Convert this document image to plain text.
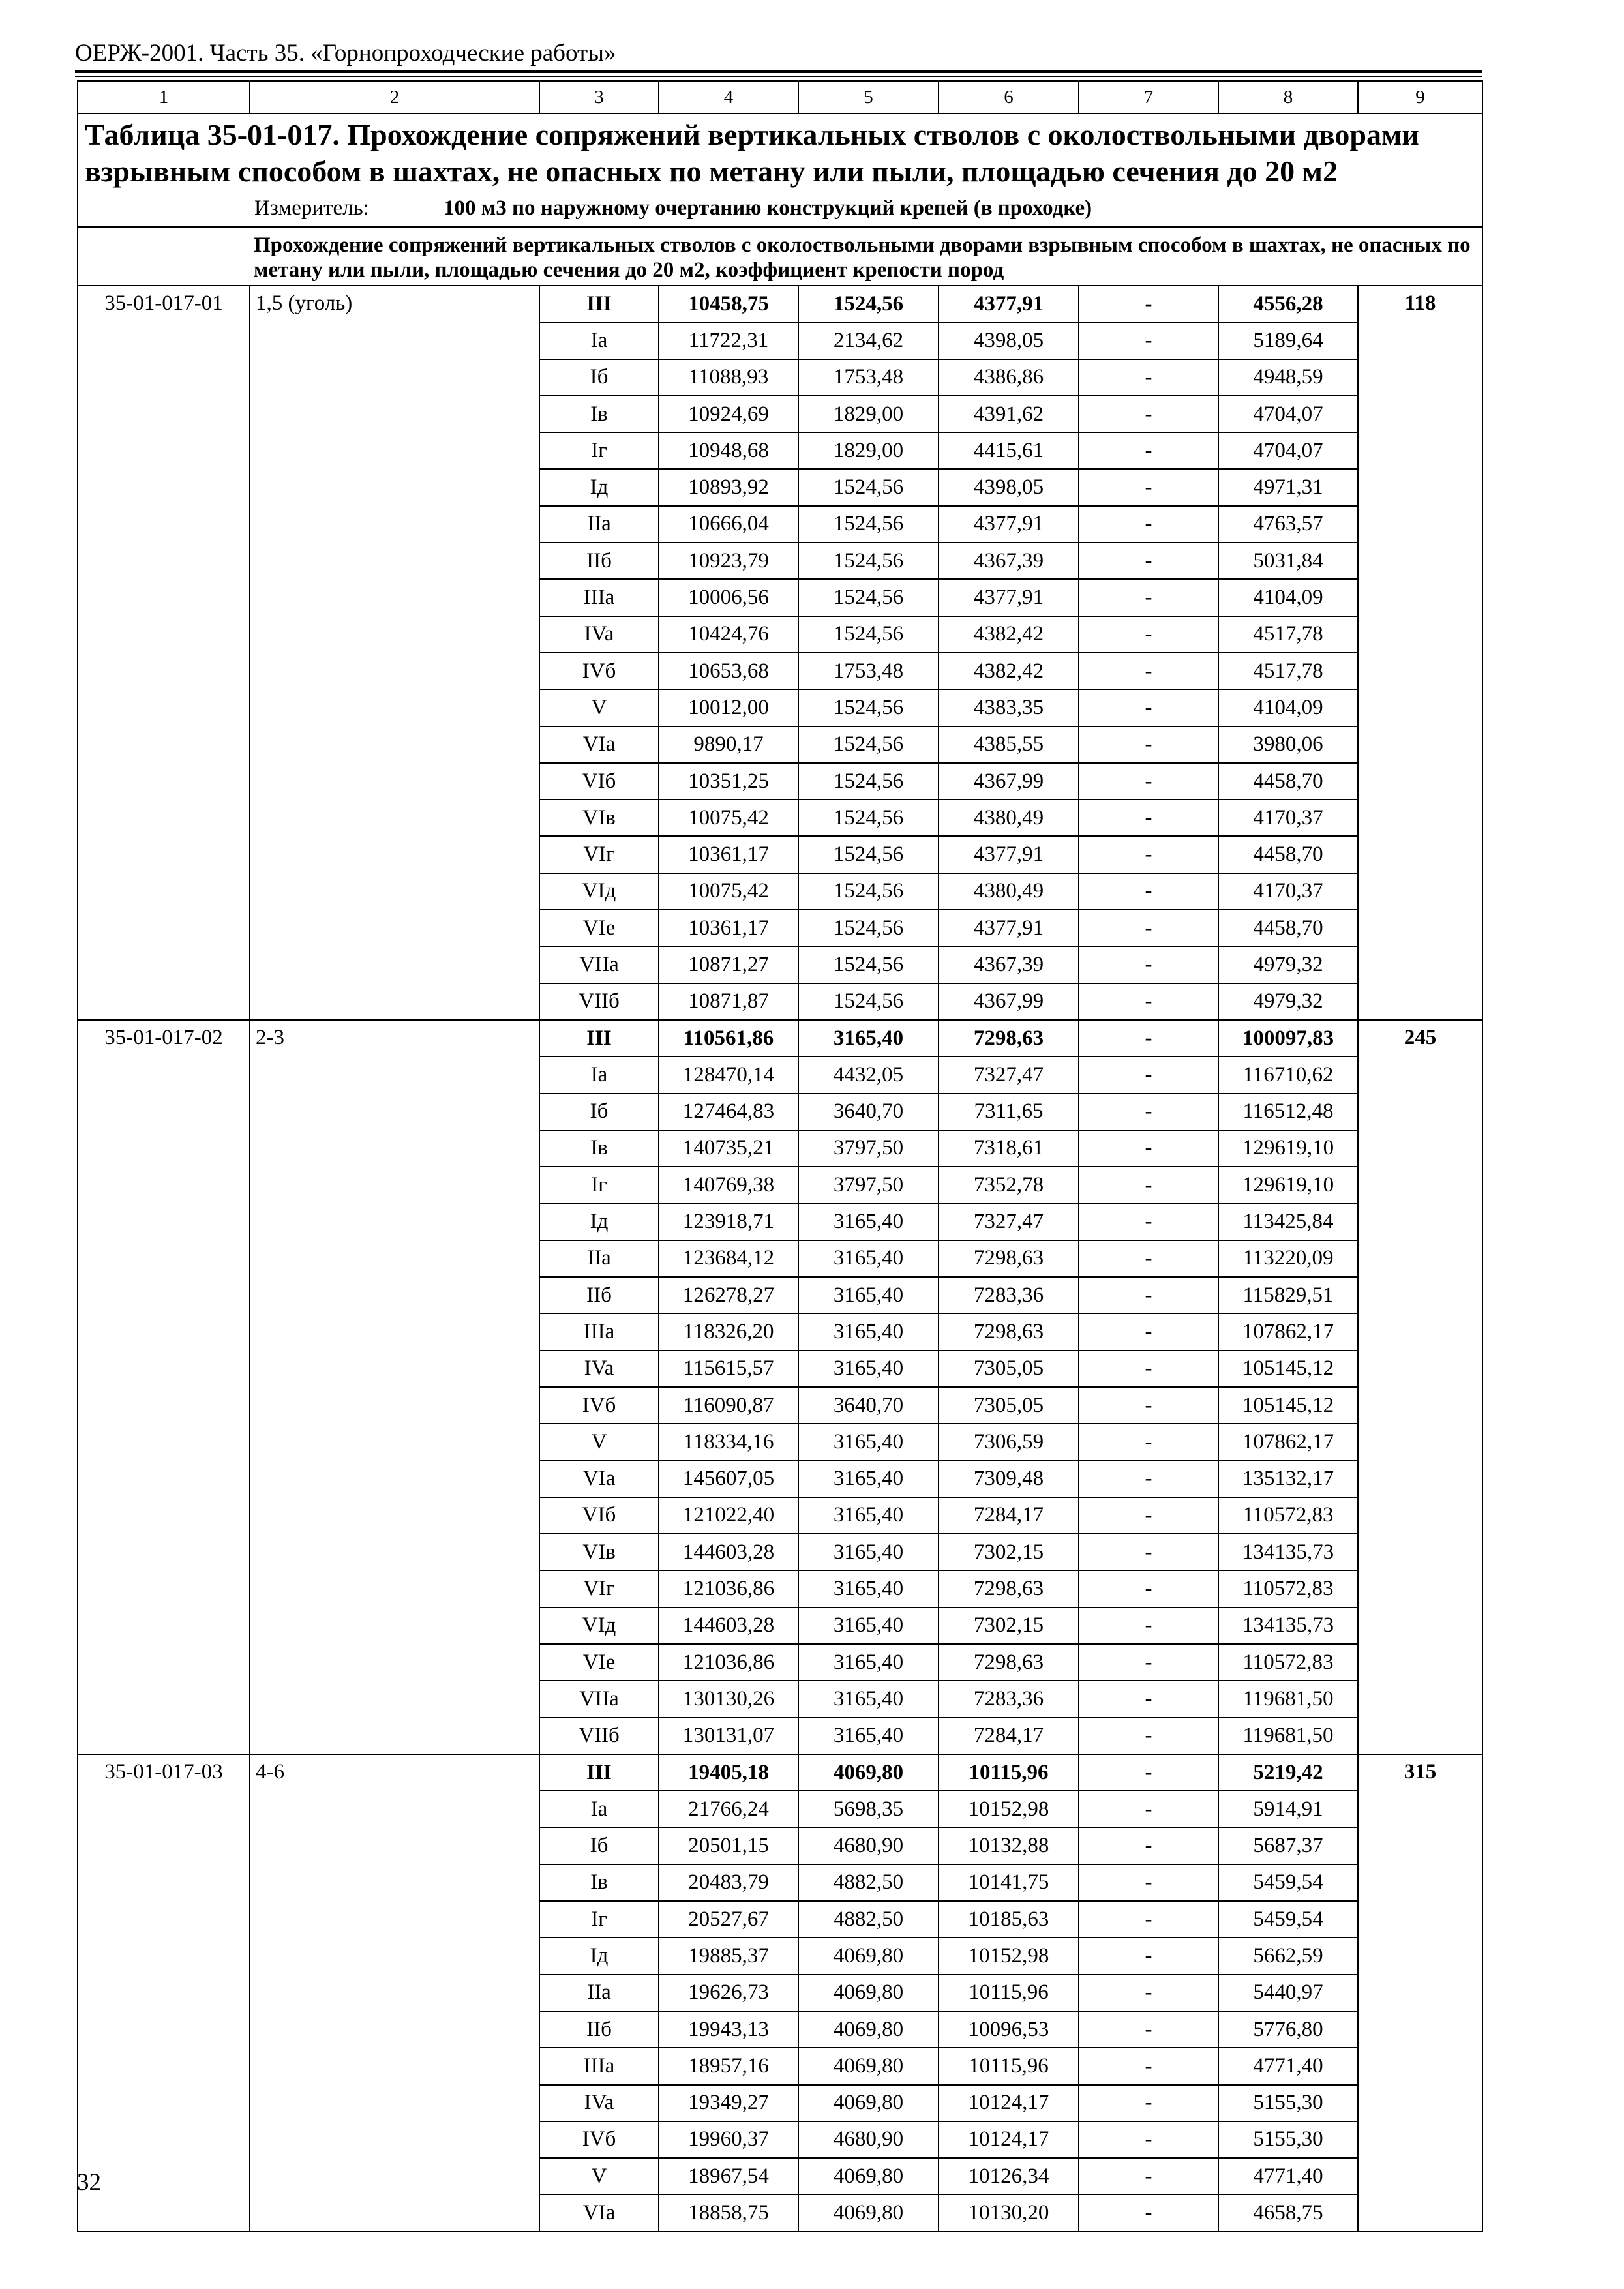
ОЕРЖ-2001. Часть 35. «Горнопроходческие работы»
1	2	3	4	5	6	7	8	9
Таблица 35-01-017. Прохождение сопряжений вертикальных стволов с околоствольными дворами взрывным способом в шахтах, не опасных по метану или пыли, площадью сечения до 20 м2								
Измеритель: 100 м3 по наружному очертанию конструкций крепей (в проходке)								
	Прохождение сопряжений вертикальных стволов с околоствольными дворами взрывным способом в шахтах, не опасных по метану или пыли, площадью сечения до 20 м2, коэффициент крепости пород							
35-01-017-01	1,5 (уголь)	III	10458,75	1524,56	4377,91	-	4556,28	118
		Ia	11722,31	2134,62	4398,05	-	5189,64	
		Iб	11088,93	1753,48	4386,86	-	4948,59	
		Iв	10924,69	1829,00	4391,62	-	4704,07	
		Iг	10948,68	1829,00	4415,61	-	4704,07	
		Iд	10893,92	1524,56	4398,05	-	4971,31	
		IIa	10666,04	1524,56	4377,91	-	4763,57	
		IIб	10923,79	1524,56	4367,39	-	5031,84	
		IIIa	10006,56	1524,56	4377,91	-	4104,09	
		IVa	10424,76	1524,56	4382,42	-	4517,78	
		IVб	10653,68	1753,48	4382,42	-	4517,78	
		V	10012,00	1524,56	4383,35	-	4104,09	
		VIa	9890,17	1524,56	4385,55	-	3980,06	
		VIб	10351,25	1524,56	4367,99	-	4458,70	
		VIв	10075,42	1524,56	4380,49	-	4170,37	
		VIг	10361,17	1524,56	4377,91	-	4458,70	
		VIд	10075,42	1524,56	4380,49	-	4170,37	
		VIe	10361,17	1524,56	4377,91	-	4458,70	
		VIIa	10871,27	1524,56	4367,39	-	4979,32	
		VIIб	10871,87	1524,56	4367,99	-	4979,32	
35-01-017-02	2-3	III	110561,86	3165,40	7298,63	-	100097,83	245
		Ia	128470,14	4432,05	7327,47	-	116710,62	
		Iб	127464,83	3640,70	7311,65	-	116512,48	
		Iв	140735,21	3797,50	7318,61	-	129619,10	
		Iг	140769,38	3797,50	7352,78	-	129619,10	
		Iд	123918,71	3165,40	7327,47	-	113425,84	
		IIa	123684,12	3165,40	7298,63	-	113220,09	
		IIб	126278,27	3165,40	7283,36	-	115829,51	
		IIIa	118326,20	3165,40	7298,63	-	107862,17	
		IVa	115615,57	3165,40	7305,05	-	105145,12	
		IVб	116090,87	3640,70	7305,05	-	105145,12	
		V	118334,16	3165,40	7306,59	-	107862,17	
		VIa	145607,05	3165,40	7309,48	-	135132,17	
		VIб	121022,40	3165,40	7284,17	-	110572,83	
		VIв	144603,28	3165,40	7302,15	-	134135,73	
		VIг	121036,86	3165,40	7298,63	-	110572,83	
		VIд	144603,28	3165,40	7302,15	-	134135,73	
		VIe	121036,86	3165,40	7298,63	-	110572,83	
		VIIa	130130,26	3165,40	7283,36	-	119681,50	
		VIIб	130131,07	3165,40	7284,17	-	119681,50	
35-01-017-03	4-6	III	19405,18	4069,80	10115,96	-	5219,42	315
		Ia	21766,24	5698,35	10152,98	-	5914,91	
		Iб	20501,15	4680,90	10132,88	-	5687,37	
		Iв	20483,79	4882,50	10141,75	-	5459,54	
		Iг	20527,67	4882,50	10185,63	-	5459,54	
		Iд	19885,37	4069,80	10152,98	-	5662,59	
		IIa	19626,73	4069,80	10115,96	-	5440,97	
		IIб	19943,13	4069,80	10096,53	-	5776,80	
		IIIa	18957,16	4069,80	10115,96	-	4771,40	
		IVa	19349,27	4069,80	10124,17	-	5155,30	
		IVб	19960,37	4680,90	10124,17	-	5155,30	
		V	18967,54	4069,80	10126,34	-	4771,40	
		VIa	18858,75	4069,80	10130,20	-	4658,75	
32
